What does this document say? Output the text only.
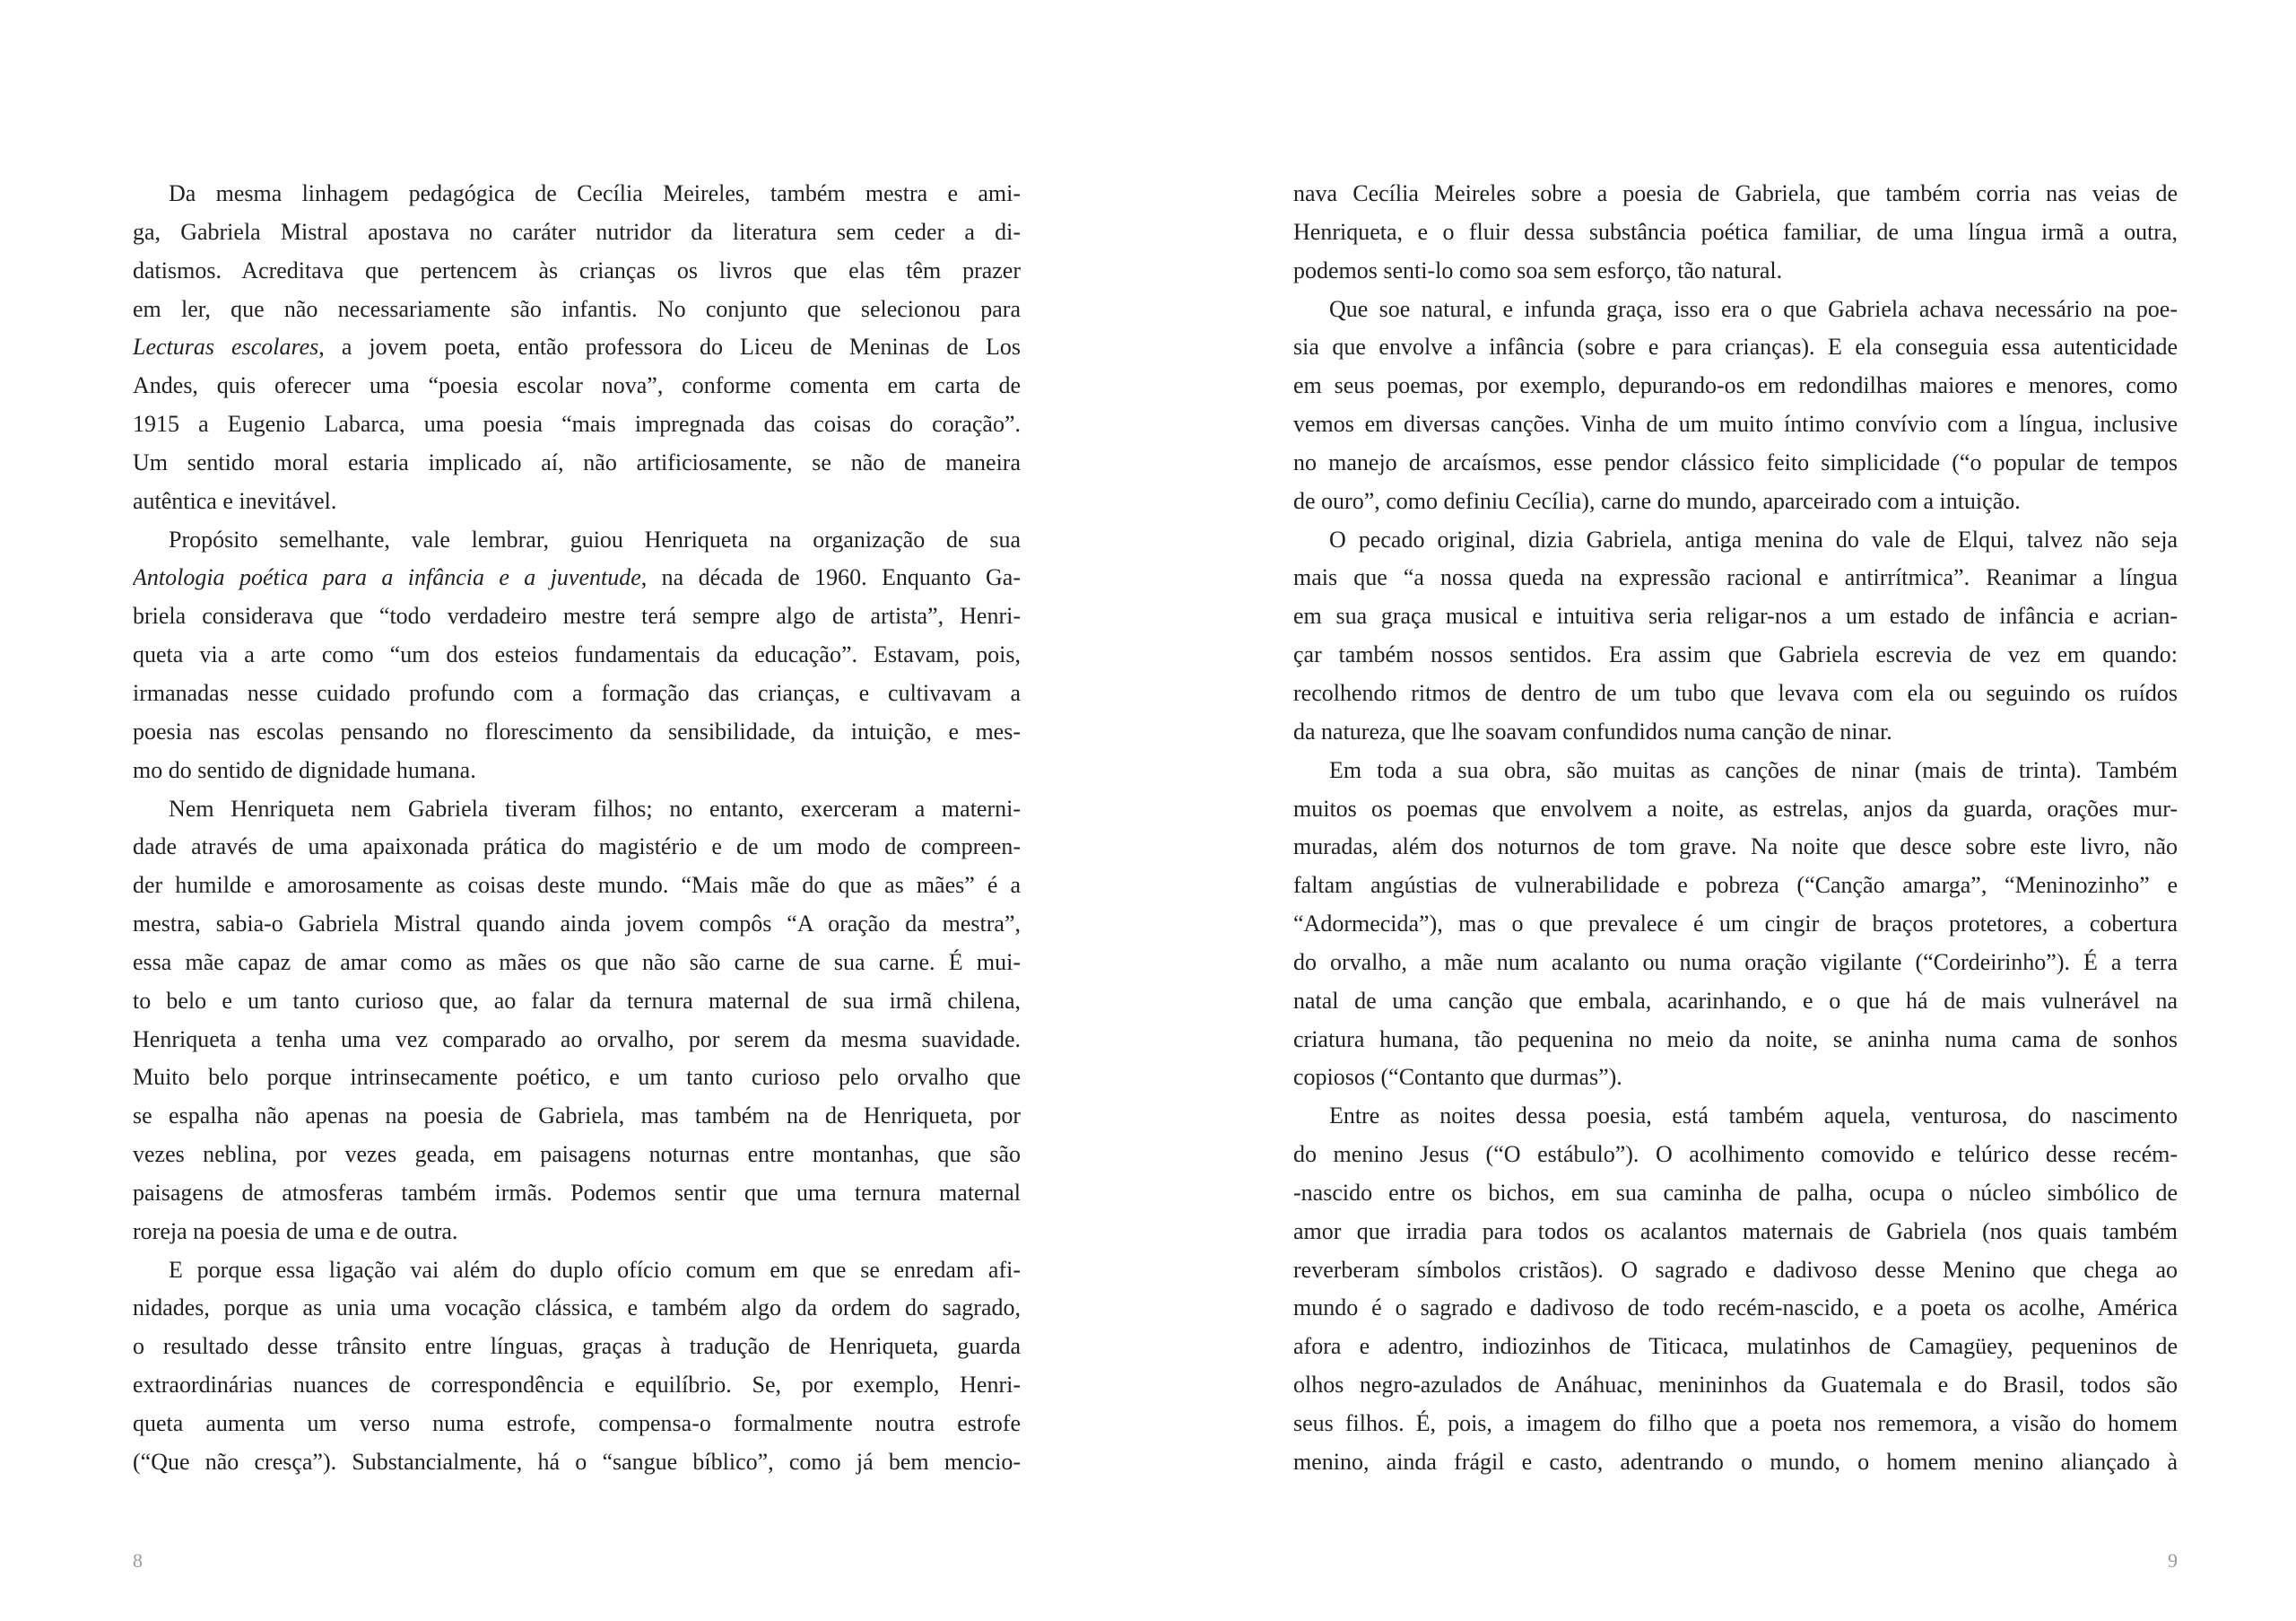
Da mesma linhagem pedagógica de Cecília Meireles, também mestra e ami-
ga, Gabriela Mistral apostava no caráter nutridor da literatura sem ceder a di-
datismos. Acreditava que pertencem às crianças os livros que elas têm prazer
em ler, que não necessariamente são infantis. No conjunto que selecionou para
Lecturas escolares, a jovem poeta, então professora do Liceu de Meninas de Los
Andes, quis oferecer uma “poesia escolar nova”, conforme comenta em carta de
1915 a Eugenio Labarca, uma poesia “mais impregnada das coisas do coração”.
Um sentido moral estaria implicado aí, não artificiosamente, se não de maneira
autêntica e inevitável.
Propósito semelhante, vale lembrar, guiou Henriqueta na organização de sua
Antologia poética para a infância e a juventude, na década de 1960. Enquanto Ga-
briela considerava que “todo verdadeiro mestre terá sempre algo de artista”, Henri-
queta via a arte como “um dos esteios fundamentais da educação”. Estavam, pois,
irmanadas nesse cuidado profundo com a formação das crianças, e cultivavam a
poesia nas escolas pensando no florescimento da sensibilidade, da intuição, e mes-
mo do sentido de dignidade humana.
Nem Henriqueta nem Gabriela tiveram filhos; no entanto, exerceram a materni-
dade através de uma apaixonada prática do magistério e de um modo de compreen-
der humilde e amorosamente as coisas deste mundo. “Mais mãe do que as mães” é a
mestra, sabia-o Gabriela Mistral quando ainda jovem compôs “A oração da mestra”,
essa mãe capaz de amar como as mães os que não são carne de sua carne. É mui-
to belo e um tanto curioso que, ao falar da ternura maternal de sua irmã chilena,
Henriqueta a tenha uma vez comparado ao orvalho, por serem da mesma suavidade.
Muito belo porque intrinsecamente poético, e um tanto curioso pelo orvalho que
se espalha não apenas na poesia de Gabriela, mas também na de Henriqueta, por
vezes neblina, por vezes geada, em paisagens noturnas entre montanhas, que são
paisagens de atmosferas também irmãs. Podemos sentir que uma ternura maternal
roreja na poesia de uma e de outra.
E porque essa ligação vai além do duplo ofício comum em que se enredam afi-
nidades, porque as unia uma vocação clássica, e também algo da ordem do sagrado,
o resultado desse trânsito entre línguas, graças à tradução de Henriqueta, guarda
extraordinárias nuances de correspondência e equilíbrio. Se, por exemplo, Henri-
queta aumenta um verso numa estrofe, compensa-o formalmente noutra estrofe
(“Que não cresça”). Substancialmente, há o “sangue bíblico”, como já bem mencio-
8
nava Cecília Meireles sobre a poesia de Gabriela, que também corria nas veias de
Henriqueta, e o fluir dessa substância poética familiar, de uma língua irmã a outra,
podemos senti-lo como soa sem esforço, tão natural.
Que soe natural, e infunda graça, isso era o que Gabriela achava necessário na poe-
sia que envolve a infância (sobre e para crianças). E ela conseguia essa autenticidade
em seus poemas, por exemplo, depurando-os em redondilhas maiores e menores, como
vemos em diversas canções. Vinha de um muito íntimo convívio com a língua, inclusive
no manejo de arcaísmos, esse pendor clássico feito simplicidade (“o popular de tempos
de ouro”, como definiu Cecília), carne do mundo, aparceirado com a intuição.
O pecado original, dizia Gabriela, antiga menina do vale de Elqui, talvez não seja
mais que “a nossa queda na expressão racional e antirrítmica”. Reanimar a língua
em sua graça musical e intuitiva seria religar-nos a um estado de infância e acrian-
çar também nossos sentidos. Era assim que Gabriela escrevia de vez em quando:
recolhendo ritmos de dentro de um tubo que levava com ela ou seguindo os ruídos
da natureza, que lhe soavam confundidos numa canção de ninar.
Em toda a sua obra, são muitas as canções de ninar (mais de trinta). Também
muitos os poemas que envolvem a noite, as estrelas, anjos da guarda, orações mur-
muradas, além dos noturnos de tom grave. Na noite que desce sobre este livro, não
faltam angústias de vulnerabilidade e pobreza (“Canção amarga”, “Meninozinho” e
“Adormecida”), mas o que prevalece é um cingir de braços protetores, a cobertura
do orvalho, a mãe num acalanto ou numa oração vigilante (“Cordeirinho”). É a terra
natal de uma canção que embala, acarinhando, e o que há de mais vulnerável na
criatura humana, tão pequenina no meio da noite, se aninha numa cama de sonhos
copiosos (“Contanto que durmas”).
Entre as noites dessa poesia, está também aquela, venturosa, do nascimento
do menino Jesus (“O estábulo”). O acolhimento comovido e telúrico desse recém-
-nascido entre os bichos, em sua caminha de palha, ocupa o núcleo simbólico de
amor que irradia para todos os acalantos maternais de Gabriela (nos quais também
reverberam símbolos cristãos). O sagrado e dadivoso desse Menino que chega ao
mundo é o sagrado e dadivoso de todo recém-nascido, e a poeta os acolhe, América
afora e adentro, indiozinhos de Titicaca, mulatinhos de Camagüey, pequeninos de
olhos negro-azulados de Anáhuac, menininhos da Guatemala e do Brasil, todos são
seus filhos. É, pois, a imagem do filho que a poeta nos rememora, a visão do homem
menino, ainda frágil e casto, adentrando o mundo, o homem menino aliançado à
9
